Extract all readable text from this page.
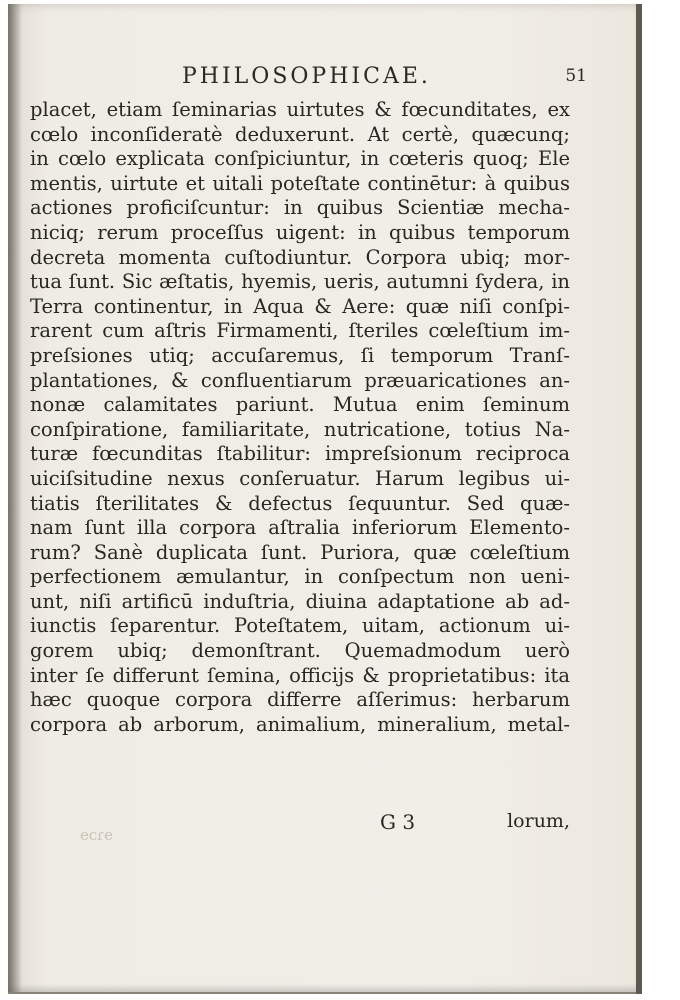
PHILOSOPHICAE.	51
placet, etiam ſeminarias uirtutes & fœcunditates, ex
cœlo inconſideratè deduxerunt. At certè, quæcunq;
in cœlo explicata conſpiciuntur, in cœteris quoq; Ele
mentis, uirtute et uitali poteſtate continētur: à quibus
actiones proficiſcuntur: in quibus Scientiæ mecha-
niciq; rerum proceſſus uigent: in quibus temporum
decreta momenta cuſtodiuntur. Corpora ubiq; mor-
tua ſunt. Sic æſtatis, hyemis, ueris, autumni ſydera, in
Terra continentur, in Aqua & Aere: quæ niſi conſpi-
rarent cum aſtris Firmamenti, ſteriles cœleſtium im-
preſsiones utiq; accuſaremus, ſi temporum Tranſ-
plantationes, & confluentiarum præuaricationes an-
nonæ calamitates pariunt. Mutua enim ſeminum
conſpiratione, familiaritate, nutricatione, totius Na-
turæ fœcunditas ſtabilitur: impreſsionum reciproca
uiciſsitudine nexus conſeruatur. Harum legibus ui-
tiatis ſterilitates & defectus ſequuntur. Sed quæ-
nam ſunt illa corpora aſtralia inferiorum Elemento-
rum? Sanè duplicata ſunt. Puriora, quæ cœleſtium
perfectionem æmulantur, in conſpectum non ueni-
unt, niſi artificū induſtria, diuina adaptatione ab ad-
iunctis ſeparentur. Poteſtatem, uitam, actionum ui-
gorem ubiq; demonſtrant. Quemadmodum uerò
inter ſe differunt ſemina, officijs & proprietatibus: ita
hæc quoque corpora differre aſſerimus: herbarum
corpora ab arborum, animalium, mineralium, metal-
ɘɿɔɘ
G 3	lorum,
